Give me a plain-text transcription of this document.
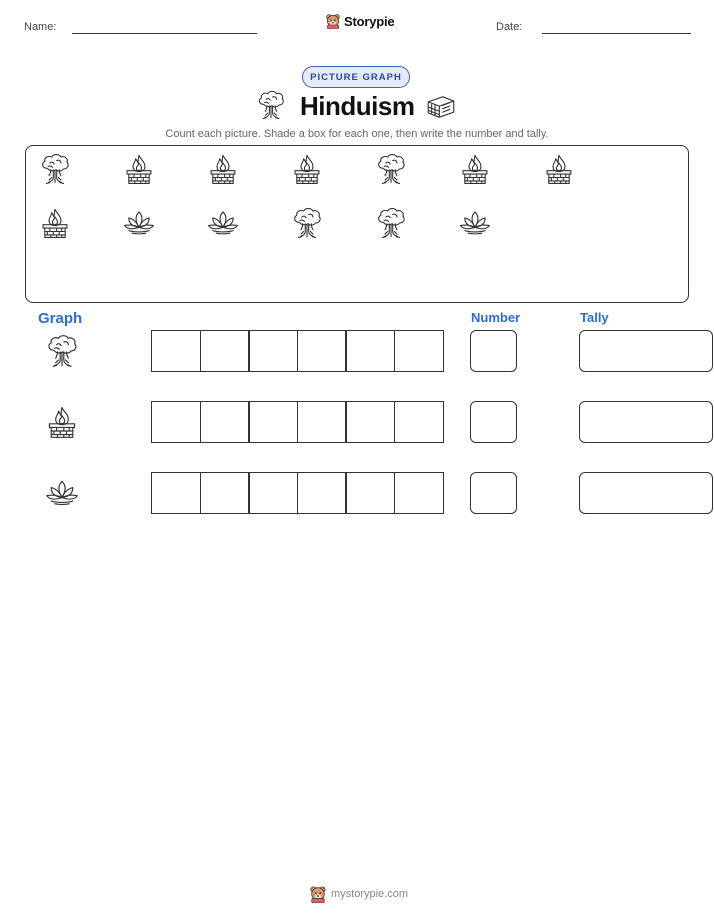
Name:	Storypie	Date:
PICTURE GRAPH
Hinduism
Count each picture. Shade a box for each one, then write the number and tally.
Graph	Number	Tally
mystorypie.com
